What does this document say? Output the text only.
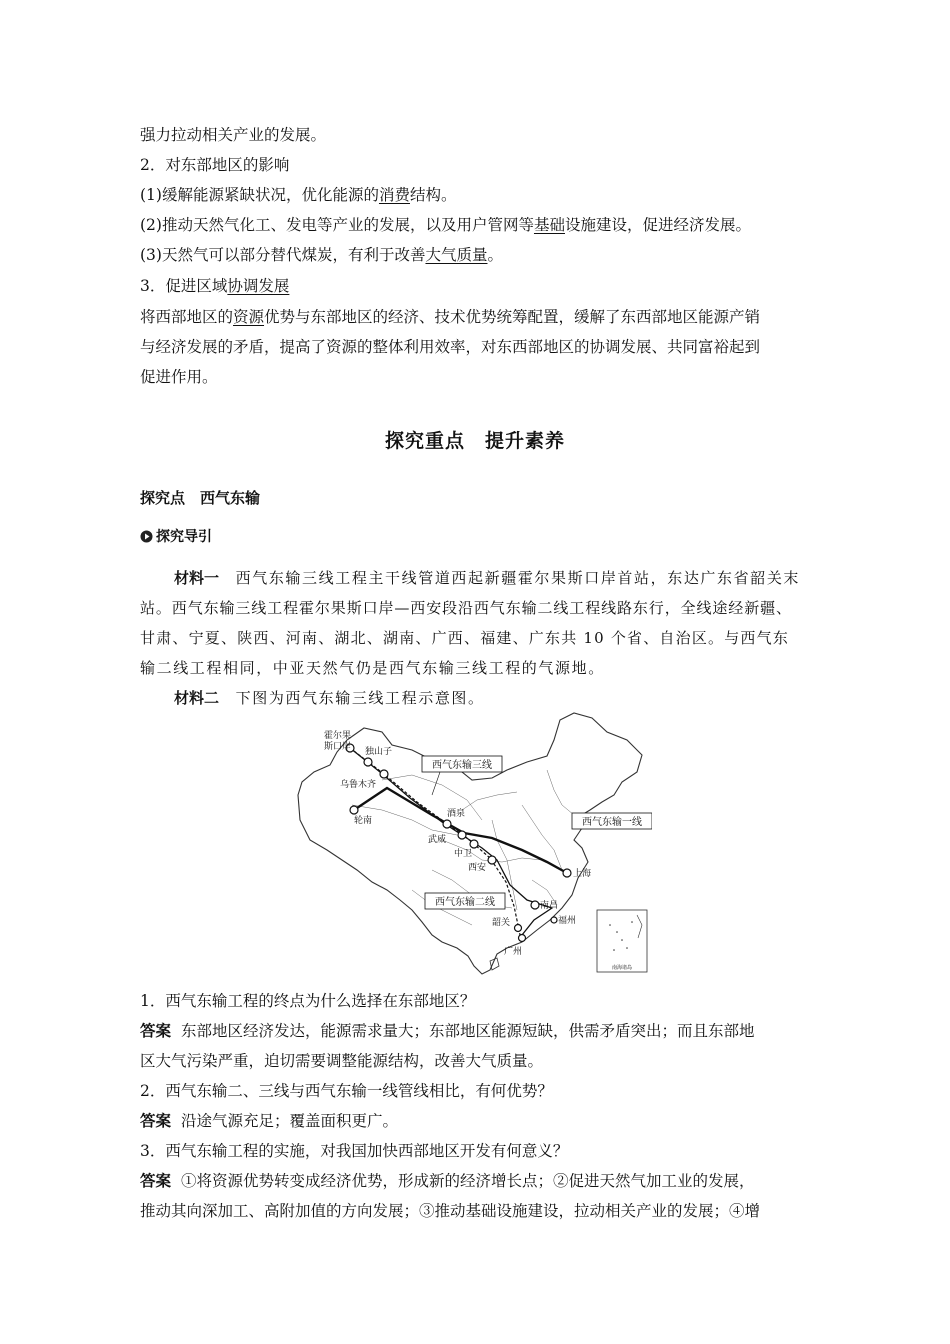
强力拉动相关产业的发展。
2．对东部地区的影响
(1)缓解能源紧缺状况，优化能源的消费结构。
(2)推动天然气化工、发电等产业的发展，以及用户管网等基础设施建设，促进经济发展。
(3)天然气可以部分替代煤炭，有利于改善大气质量。
3．促进区域协调发展
将西部地区的资源优势与东部地区的经济、技术优势统筹配置，缓解了东西部地区能源产销
与经济发展的矛盾，提高了资源的整体利用效率，对东西部地区的协调发展、共同富裕起到
促进作用。
探究重点　提升素养
探究点　西气东输
探究导引
材料一　 西气东输三线工程主干线管道西起新疆霍尔果斯口岸首站，东达广东省韶关末
站。西气东输三线工程霍尔果斯口岸—西安段沿西气东输二线工程线路东行，全线途经新疆、
甘肃、宁夏、陕西、河南、湖北、湖南、广西、福建、广东共 10 个省、自治区。与西气东
输二线工程相同，中亚天然气仍是西气东输三线工程的气源地。
材料二　 下图为西气东输三线工程示意图。
南海诸岛
霍尔果
斯口岸 独山子
乌鲁木齐
轮南
酒泉
武威
中卫
西安
上海
南昌
福州
韶关
广州
西气东输三线
西气东输一线
西气东输二线
1．西气东输工程的终点为什么选择在东部地区？
答案 东部地区经济发达，能源需求量大；东部地区能源短缺，供需矛盾突出；而且东部地
区大气污染严重，迫切需要调整能源结构，改善大气质量。
2．西气东输二、三线与西气东输一线管线相比，有何优势？
答案 沿途气源充足；覆盖面积更广。
3．西气东输工程的实施，对我国加快西部地区开发有何意义？
答案 ①将资源优势转变成经济优势，形成新的经济增长点；②促进天然气加工业的发展，
推动其向深加工、高附加值的方向发展；③推动基础设施建设，拉动相关产业的发展；④增
